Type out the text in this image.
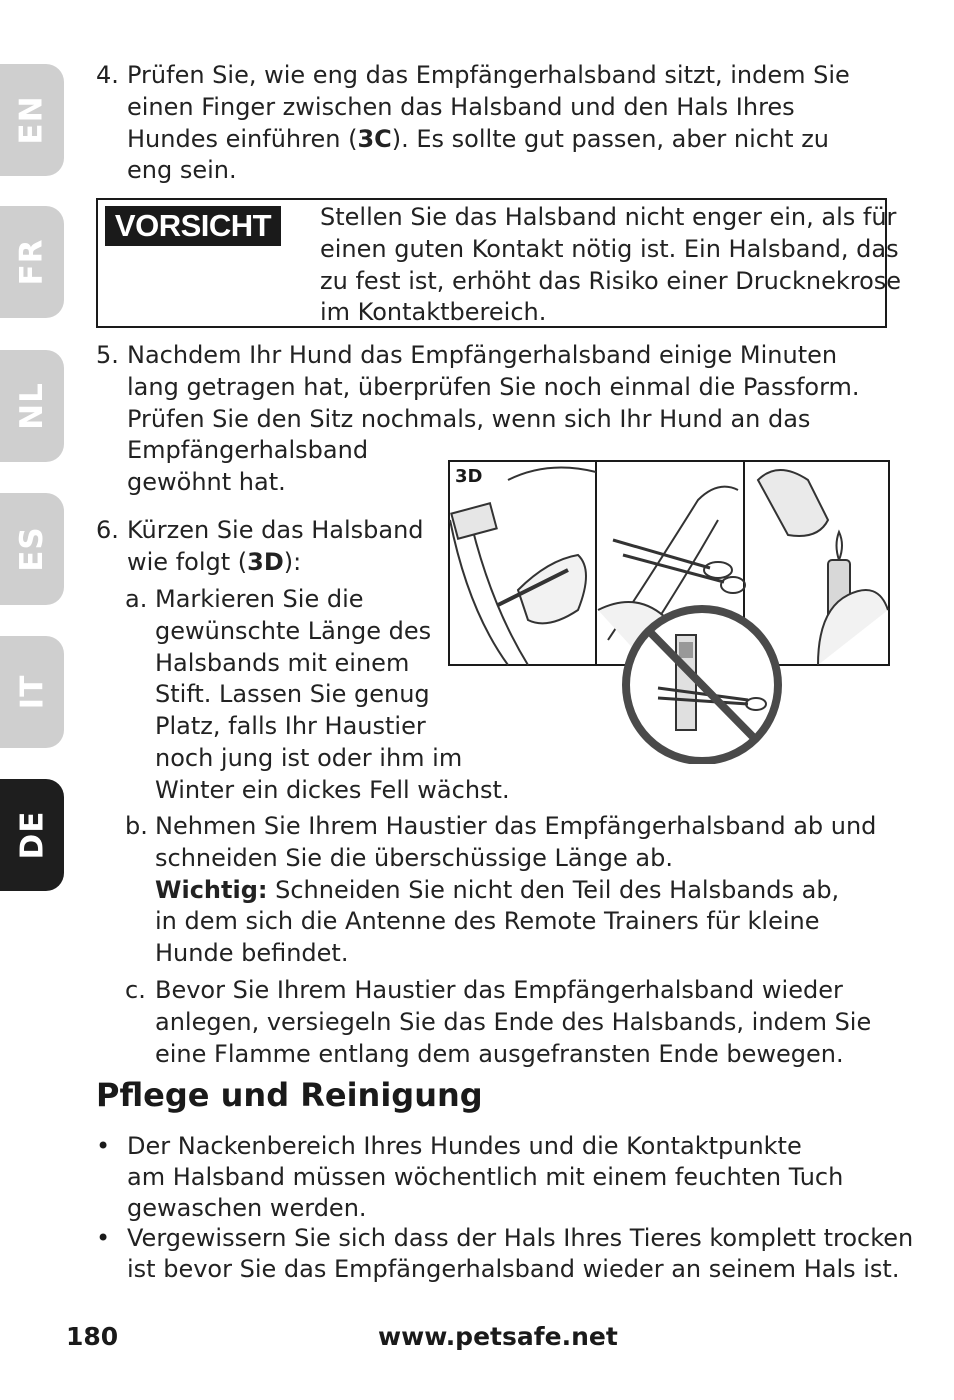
EN
FR
NL
ES
IT
DE
4. Prüfen Sie, wie eng das Empfängerhalsband sitzt, indem Sie
einen Finger zwischen das Halsband und den Hals Ihres
Hundes einführen (3C). Es sollte gut passen, aber nicht zu
eng sein.
VORSICHT	Stellen Sie das Halsband nicht enger ein, als für
einen guten Kontakt nötig ist. Ein Halsband, das
zu fest ist, erhöht das Risiko einer Drucknekrose
im Kontaktbereich.
5. Nachdem Ihr Hund das Empfängerhalsband einige Minuten
lang getragen hat, überprüfen Sie noch einmal die Passform.
Prüfen Sie den Sitz nochmals, wenn sich Ihr Hund an das
Empfängerhalsband
gewöhnt hat.
6. Kürzen Sie das Halsband
wie folgt (3D):
a. Markieren Sie die
gewünschte Länge des
Halsbands mit einem
Stift. Lassen Sie genug
Platz, falls Ihr Haustier
noch jung ist oder ihm im
Winter ein dickes Fell wächst.
3D
b. Nehmen Sie Ihrem Haustier das Empfängerhalsband ab und
schneiden Sie die überschüssige Länge ab.
Wichtig: Schneiden Sie nicht den Teil des Halsbands ab,
in dem sich die Antenne des Remote Trainers für kleine
Hunde befindet.
c. Bevor Sie Ihrem Haustier das Empfängerhalsband wieder
anlegen, versiegeln Sie das Ende des Halsbands, indem Sie
eine Flamme entlang dem ausgefransten Ende bewegen.
Pflege und Reinigung
• Der Nackenbereich Ihres Hundes und die Kontaktpunkte
am Halsband müssen wöchentlich mit einem feuchten Tuch
gewaschen werden.
• Vergewissern Sie sich dass der Hals Ihres Tieres komplett trocken
ist bevor Sie das Empfängerhalsband wieder an seinem Hals ist.
180	www.petsafe.net
